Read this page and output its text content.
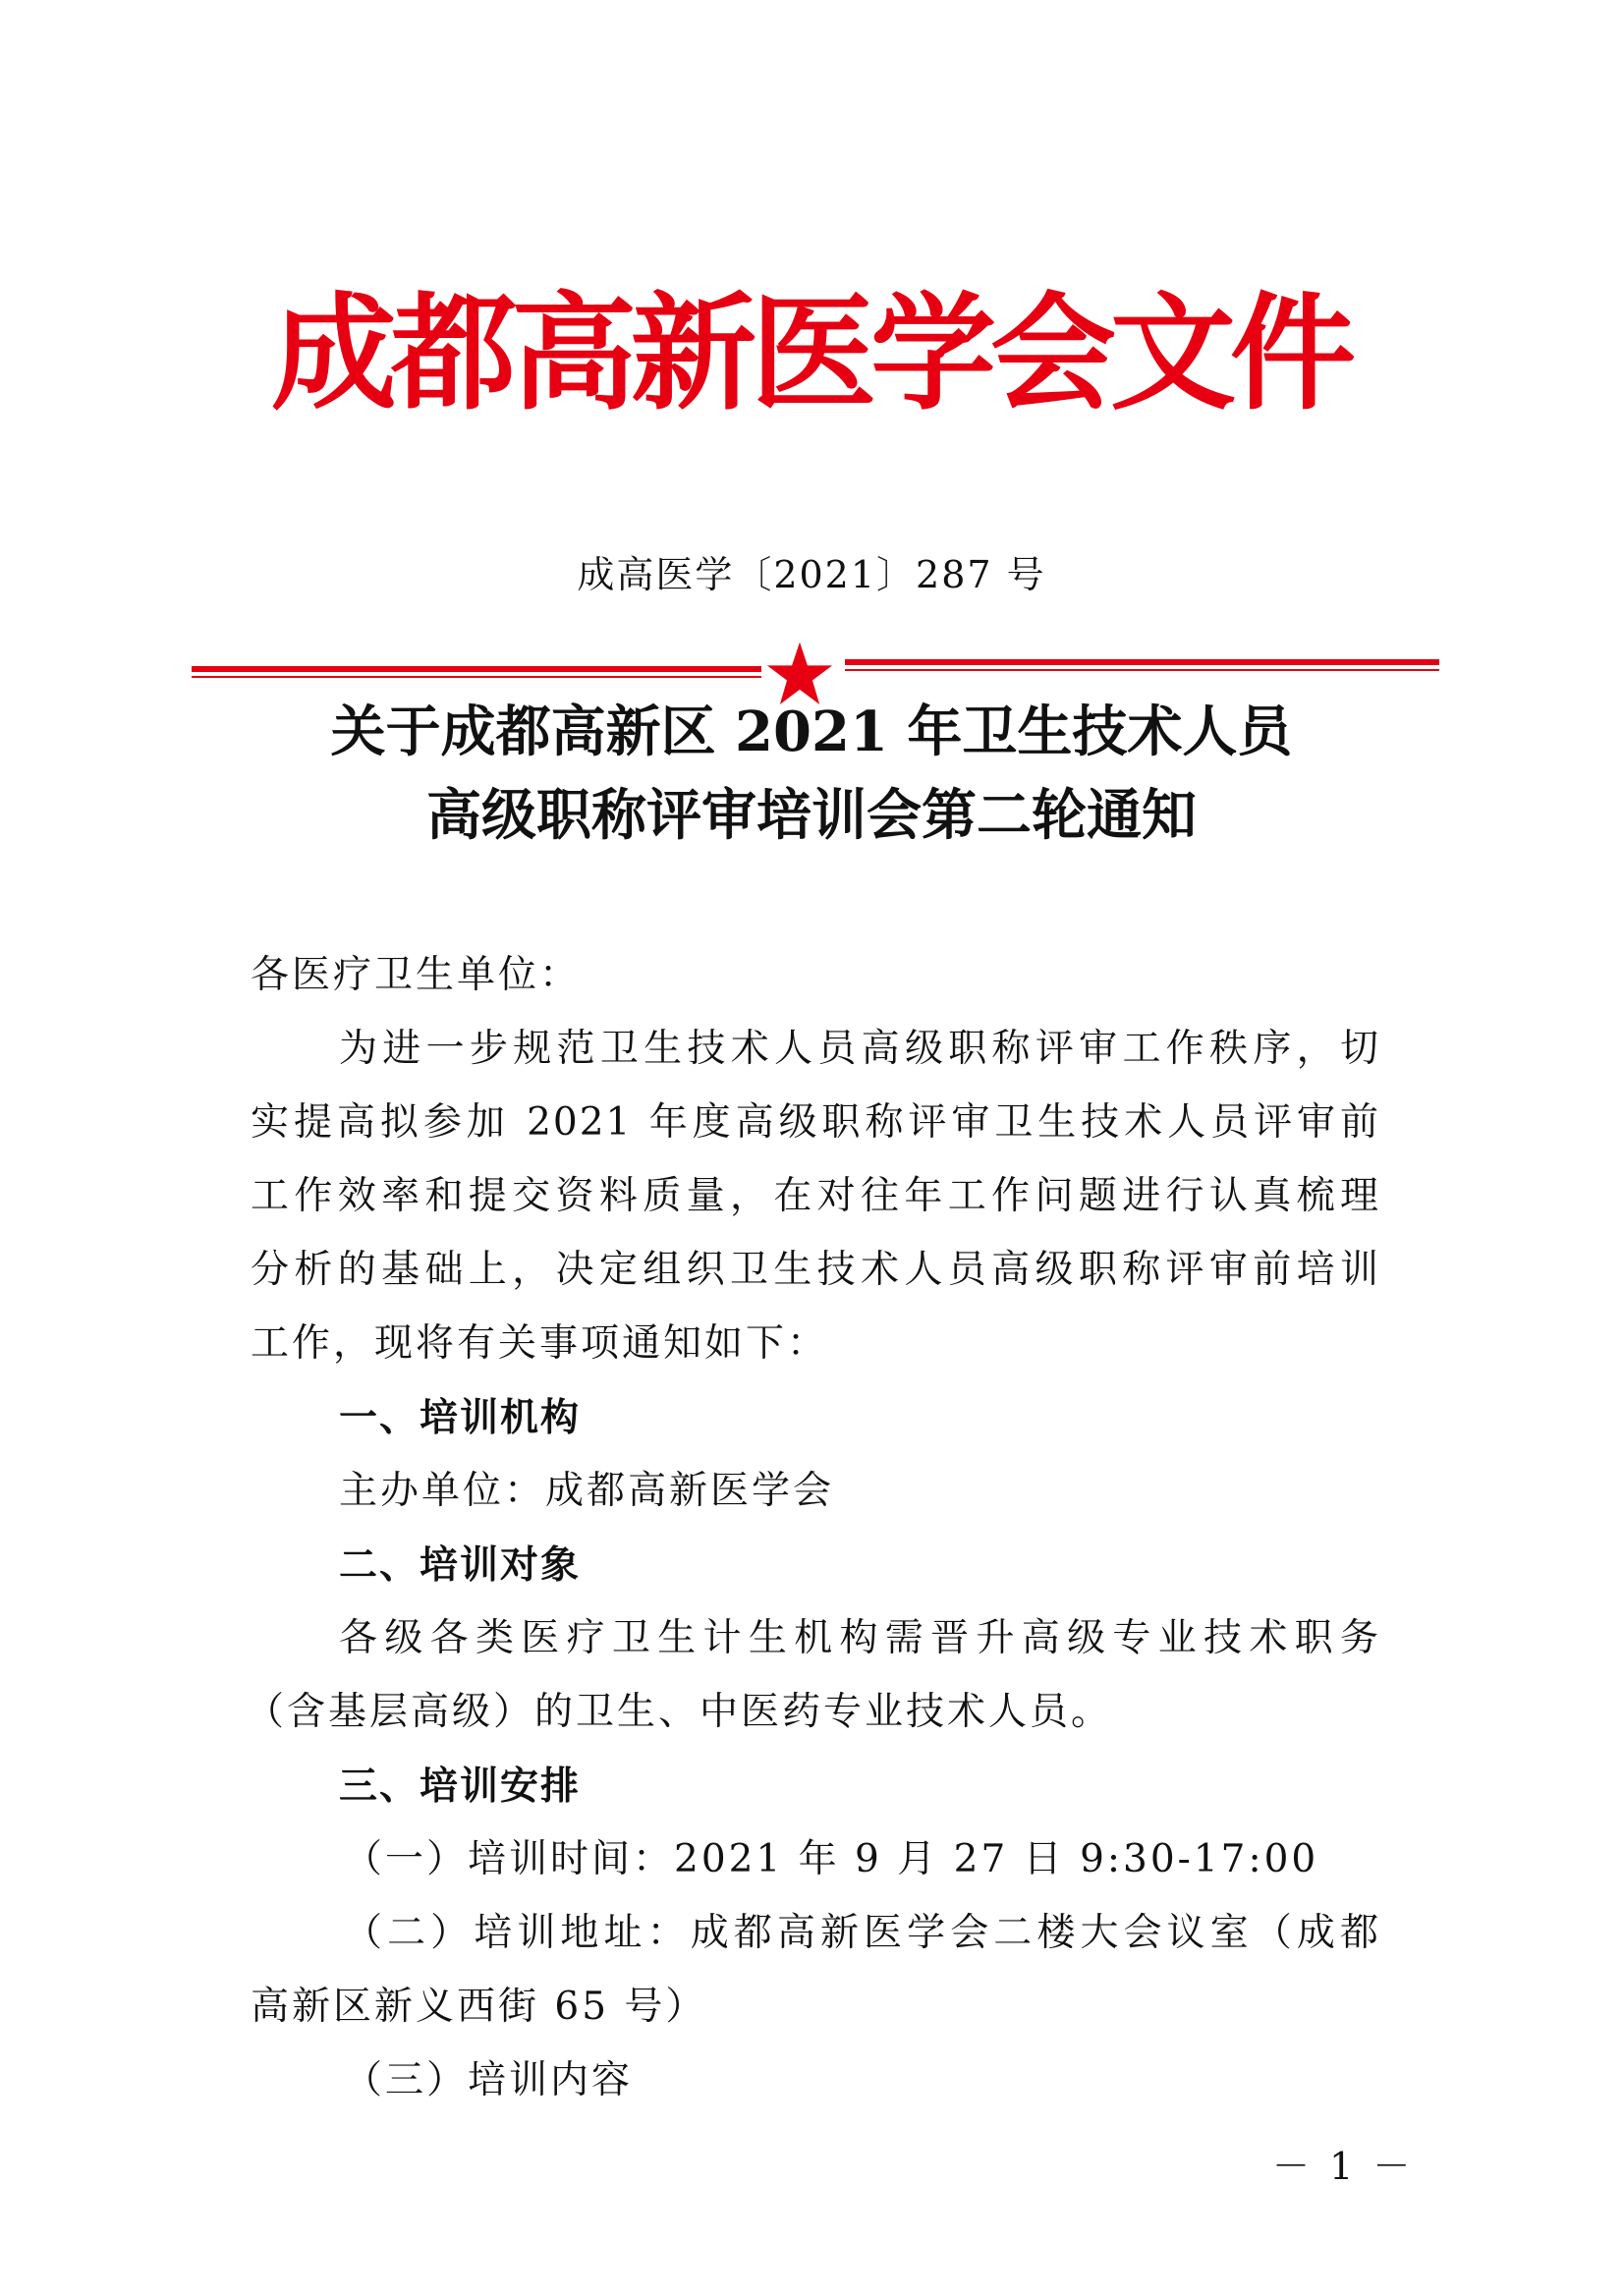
成都高新医学会文件
成高医学〔2021〕287 号
关于成都高新区 2021 年卫生技术人员
高级职称评审培训会第二轮通知
各医疗卫生单位：
为进一步规范卫生技术人员高级职称评审工作秩序，切
实提高拟参加 2021 年度高级职称评审卫生技术人员评审前
工作效率和提交资料质量，在对往年工作问题进行认真梳理
分析的基础上，决定组织卫生技术人员高级职称评审前培训
工作，现将有关事项通知如下：
一、培训机构
主办单位：成都高新医学会
二、培训对象
各级各类医疗卫生计生机构需晋升高级专业技术职务
（含基层高级）的卫生、中医药专业技术人员。
三、培训安排
（一）培训时间：2021 年 9 月 27 日 9:30-17:00
（二）培训地址：成都高新医学会二楼大会议室（成都
高新区新义西街 65 号）
（三）培训内容
－ 1 －
